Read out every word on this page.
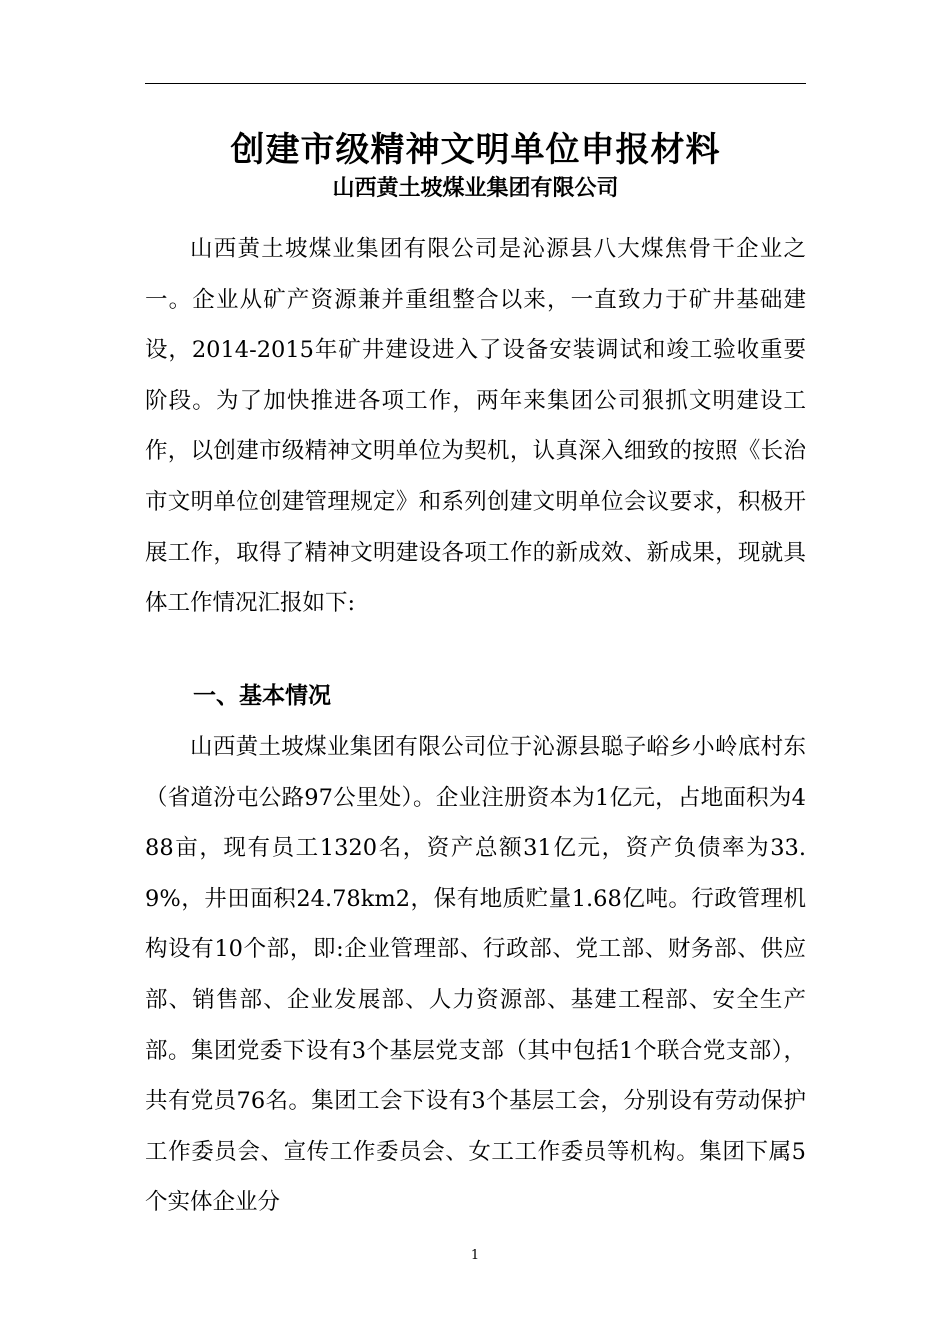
创建市级精神文明单位申报材料
山西黄土坡煤业集团有限公司

山西黄土坡煤业集团有限公司是沁源县八大煤焦骨干企业之一。企业从矿产资源兼并重组整合以来，一直致力于矿井基础建设，2014-2015年矿井建设进入了设备安装调试和竣工验收重要阶段。为了加快推进各项工作，两年来集团公司狠抓文明建设工作，以创建市级精神文明单位为契机，认真深入细致的按照《长治市文明单位创建管理规定》和系列创建文明单位会议要求，积极开展工作，取得了精神文明建设各项工作的新成效、新成果，现就具体工作情况汇报如下:

一、基本情况

山西黄土坡煤业集团有限公司位于沁源县聪子峪乡小岭底村东（省道汾屯公路97公里处）。企业注册资本为1亿元，占地面积为488亩，现有员工1320名，资产总额31亿元，资产负债率为33.9%，井田面积24.78km2，保有地质贮量1.68亿吨。行政管理机构设有10个部，即:企业管理部、行政部、党工部、财务部、供应部、销售部、企业发展部、人力资源部、基建工程部、安全生产部。集团党委下设有3个基层党支部（其中包括1个联合党支部），共有党员76名。集团工会下设有3个基层工会，分别设有劳动保护工作委员会、宣传工作委员会、女工工作委员等机构。集团下属5个实体企业分

1
